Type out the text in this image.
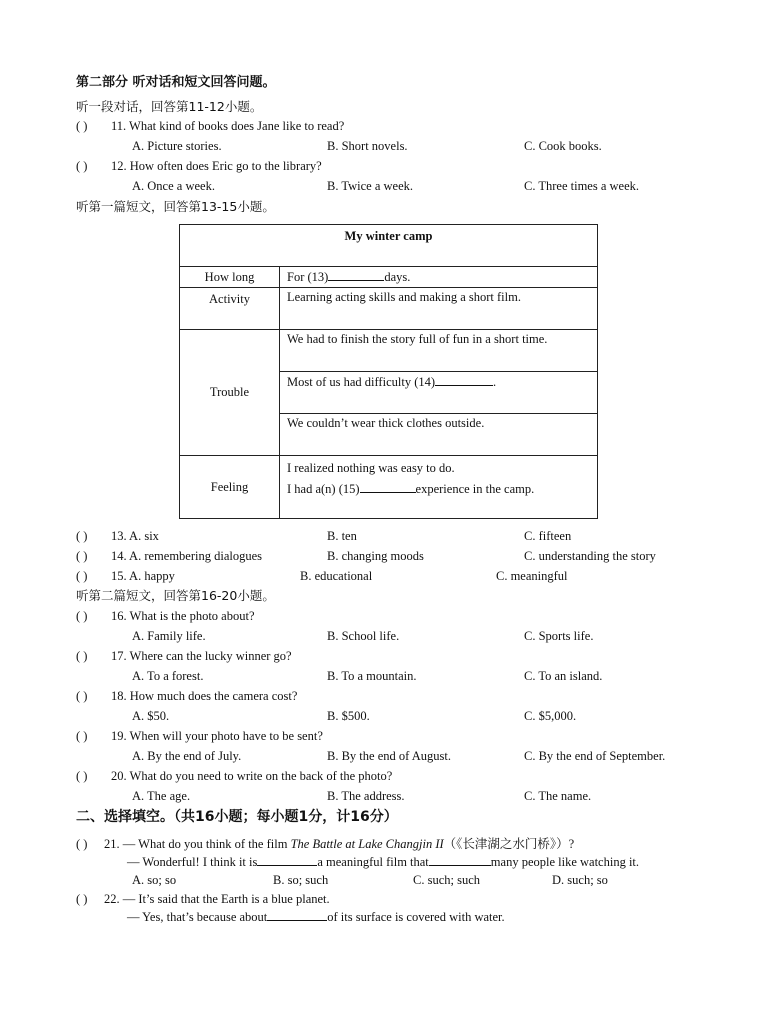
第二部分 听对话和短文回答问题。
听一段对话，回答第11-12小题。
( ) 11. What kind of books does Jane like to read?
A. Picture stories.	B. Short novels.	C. Cook books.
( ) 12. How often does Eric go to the library?
A. Once a week.	B. Twice a week.	C. Three times a week.
听第一篇短文，回答第13-15小题。
My winter camp	

How long	For (13) days.
Activity	Learning acting skills and making a short film.
Trouble	We had to finish the story full of fun in a short time.
	Most of us had difficulty (14) .
	We couldn’t wear thick clothes outside.
Feeling	I realized nothing was easy to do.
I had a(n) (15) experience in the camp.
( ) 13. A. six	B. ten	C. fifteen
( ) 14. A. remembering dialogues	B. changing moods	C. understanding the story
( ) 15. A. happy	B. educational	C. meaningful
听第二篇短文，回答第16-20小题。
( ) 16. What is the photo about?
A. Family life.	B. School life.	C. Sports life.
( ) 17. Where can the lucky winner go?
A. To a forest.	B. To a mountain.	C. To an island.
( ) 18. How much does the camera cost?
A. $50.	B. $500.	C. $5,000.
( ) 19. When will your photo have to be sent?
A. By the end of July.	B. By the end of August.	C. By the end of September.
( ) 20. What do you need to write on the back of the photo?
A. The age.	B. The address.	C. The name.
二、选择填空。（共16小题；每小题1分，计16分）
( ) 21. — What do you think of the film The Battle at Lake Changjin II（《长津湖之水门桥》）?
— Wonderful! I think it is	a meaningful film that	many people like watching it.
A. so; so	B. so; such	C. such; such	D. such; so
( ) 22. — It’s said that the Earth is a blue planet.
— Yes, that’s because about	of its surface is covered with water.
